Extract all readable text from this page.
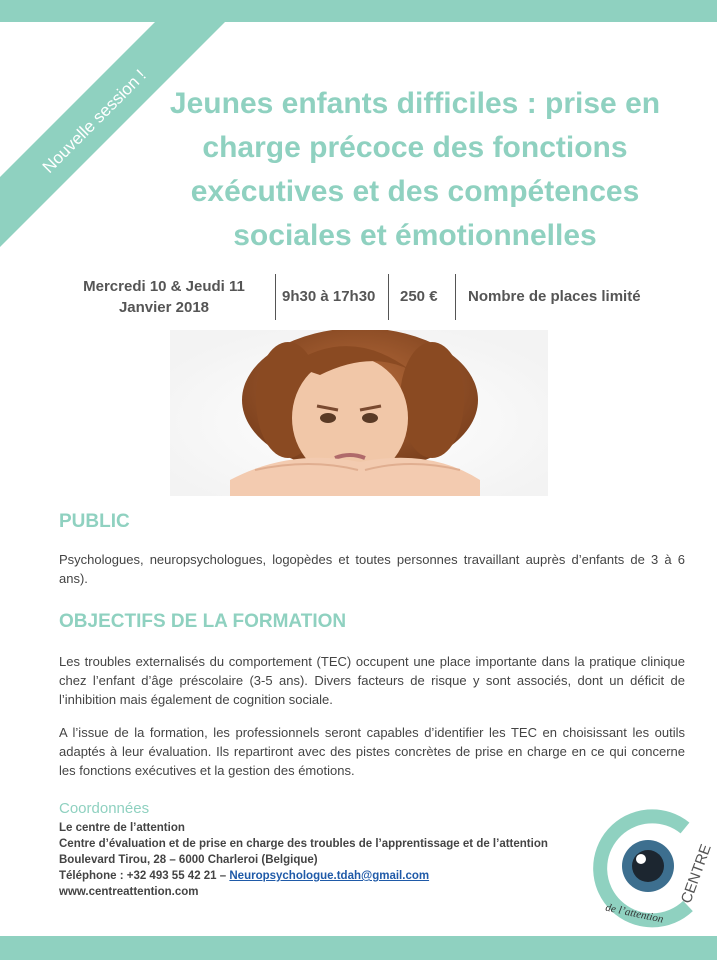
Nouvelle session ! Jeunes enfants difficiles : prise en
charge précoce des fonctions
exécutives et des compétences
sociales et émotionnelles
Mercredi 10 & Jeudi 11
Janvier 2018
9h30 à 17h30 250 € Nombre de places limité
PUBLIC

Psychologues, neuropsychologues, logopèdes et toutes personnes travaillant auprès d’enfants de 3 à 6 ans).

OBJECTIFS DE LA FORMATION

Les troubles externalisés du comportement (TEC) occupent une place importante dans la pratique clinique chez l’enfant d’âge préscolaire (3-5 ans). Divers facteurs de risque y sont associés, dont un déficit de l’inhibition mais également de cognition sociale.

A l’issue de la formation, les professionnels seront capables d’identifier les TEC en choisissant les outils adaptés à leur évaluation. Ils repartiront avec des pistes concrètes de prise en charge en ce qui concerne les fonctions exécutives et la gestion des émotions.

Coordonnées
Le centre de l’attention
Centre d’évaluation et de prise en charge des troubles de l’apprentissage et de l’attention
Boulevard Tirou, 28 – 6000 Charleroi (Belgique)
Téléphone : +32 493 55 42 21 – Neuropsychologue.tdah@gmail.com
www.centreattention.com	CENTRE
de l’attention
